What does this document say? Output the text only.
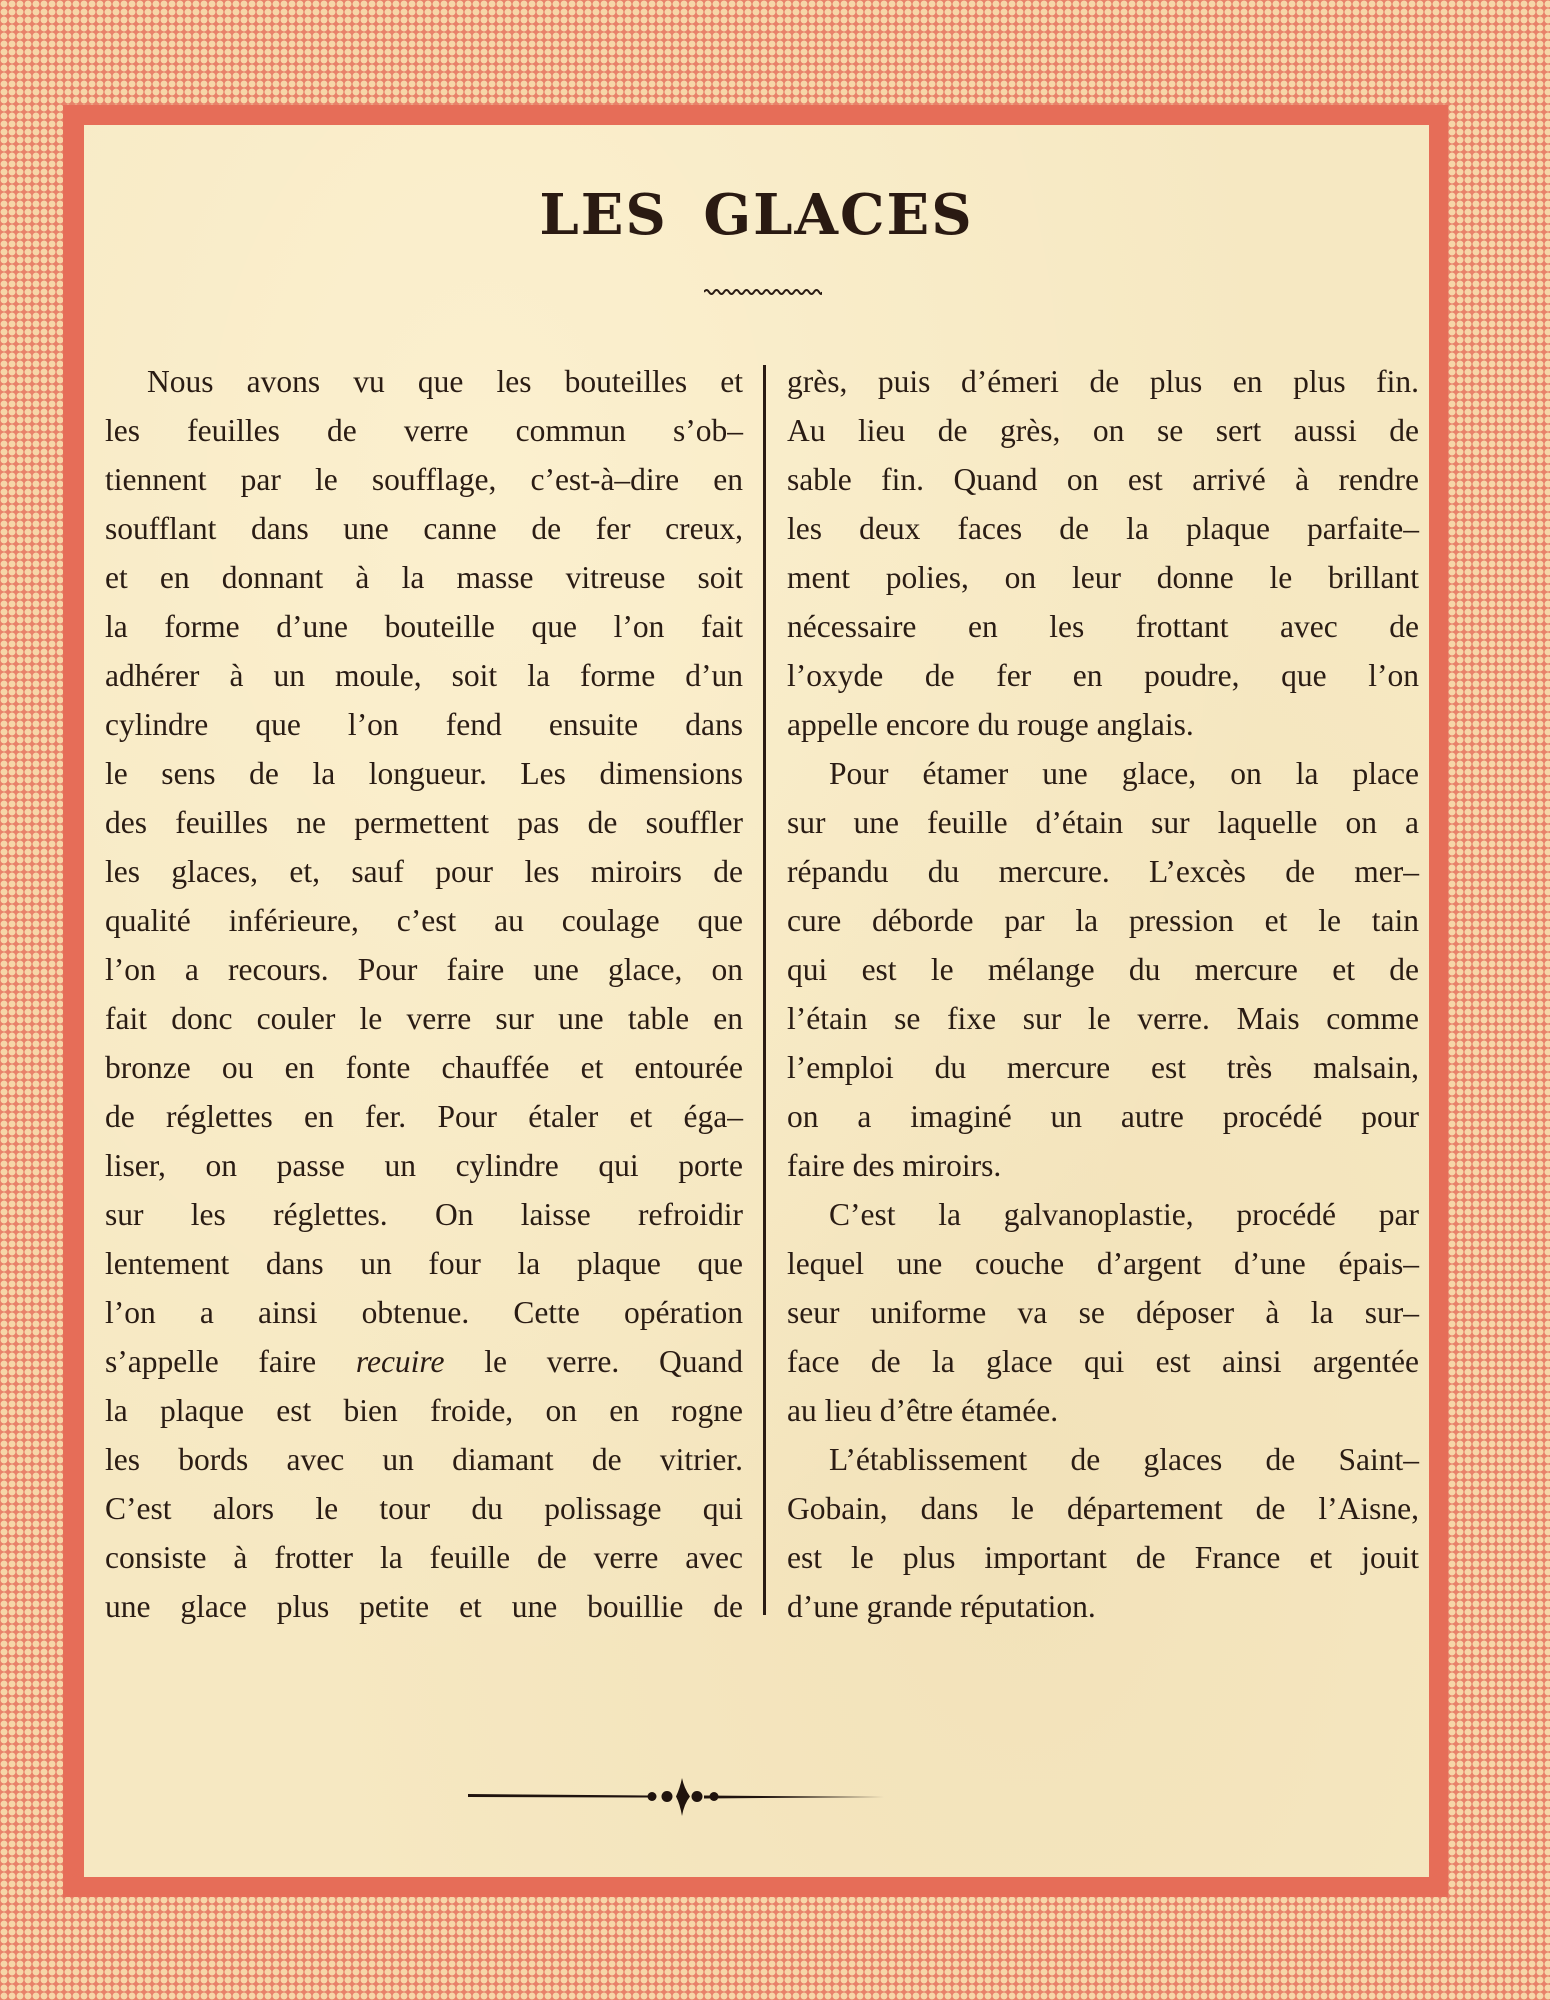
LES GLACES
Nous avons vu que les bouteilles et
les feuilles de verre commun s’ob–
tiennent par le soufflage, c’est-à–dire en
soufflant dans une canne de fer creux,
et en donnant à la masse vitreuse soit
la forme d’une bouteille que l’on fait
adhérer à un moule, soit la forme d’un
cylindre que l’on fend ensuite dans
le sens de la longueur. Les dimensions
des feuilles ne permettent pas de souffler
les glaces, et, sauf pour les miroirs de
qualité inférieure, c’est au coulage que
l’on a recours. Pour faire une glace, on
fait donc couler le verre sur une table en
bronze ou en fonte chauffée et entourée
de réglettes en fer. Pour étaler et éga–
liser, on passe un cylindre qui porte
sur les réglettes. On laisse refroidir
lentement dans un four la plaque que
l’on a ainsi obtenue. Cette opération
s’appelle faire recuire le verre. Quand
la plaque est bien froide, on en rogne
les bords avec un diamant de vitrier.
C’est alors le tour du polissage qui
consiste à frotter la feuille de verre avec
une glace plus petite et une bouillie de
grès, puis d’émeri de plus en plus fin.
Au lieu de grès, on se sert aussi de
sable fin. Quand on est arrivé à rendre
les deux faces de la plaque parfaite–
ment polies, on leur donne le brillant
nécessaire en les frottant avec de
l’oxyde de fer en poudre, que l’on
appelle encore du rouge anglais.
Pour étamer une glace, on la place
sur une feuille d’étain sur laquelle on a
répandu du mercure. L’excès de mer–
cure déborde par la pression et le tain
qui est le mélange du mercure et de
l’étain se fixe sur le verre. Mais comme
l’emploi du mercure est très malsain,
on a imaginé un autre procédé pour
faire des miroirs.
C’est la galvanoplastie, procédé par
lequel une couche d’argent d’une épais–
seur uniforme va se déposer à la sur–
face de la glace qui est ainsi argentée
au lieu d’être étamée.
L’établissement de glaces de Saint–
Gobain, dans le département de l’Aisne,
est le plus important de France et jouit
d’une grande réputation.
